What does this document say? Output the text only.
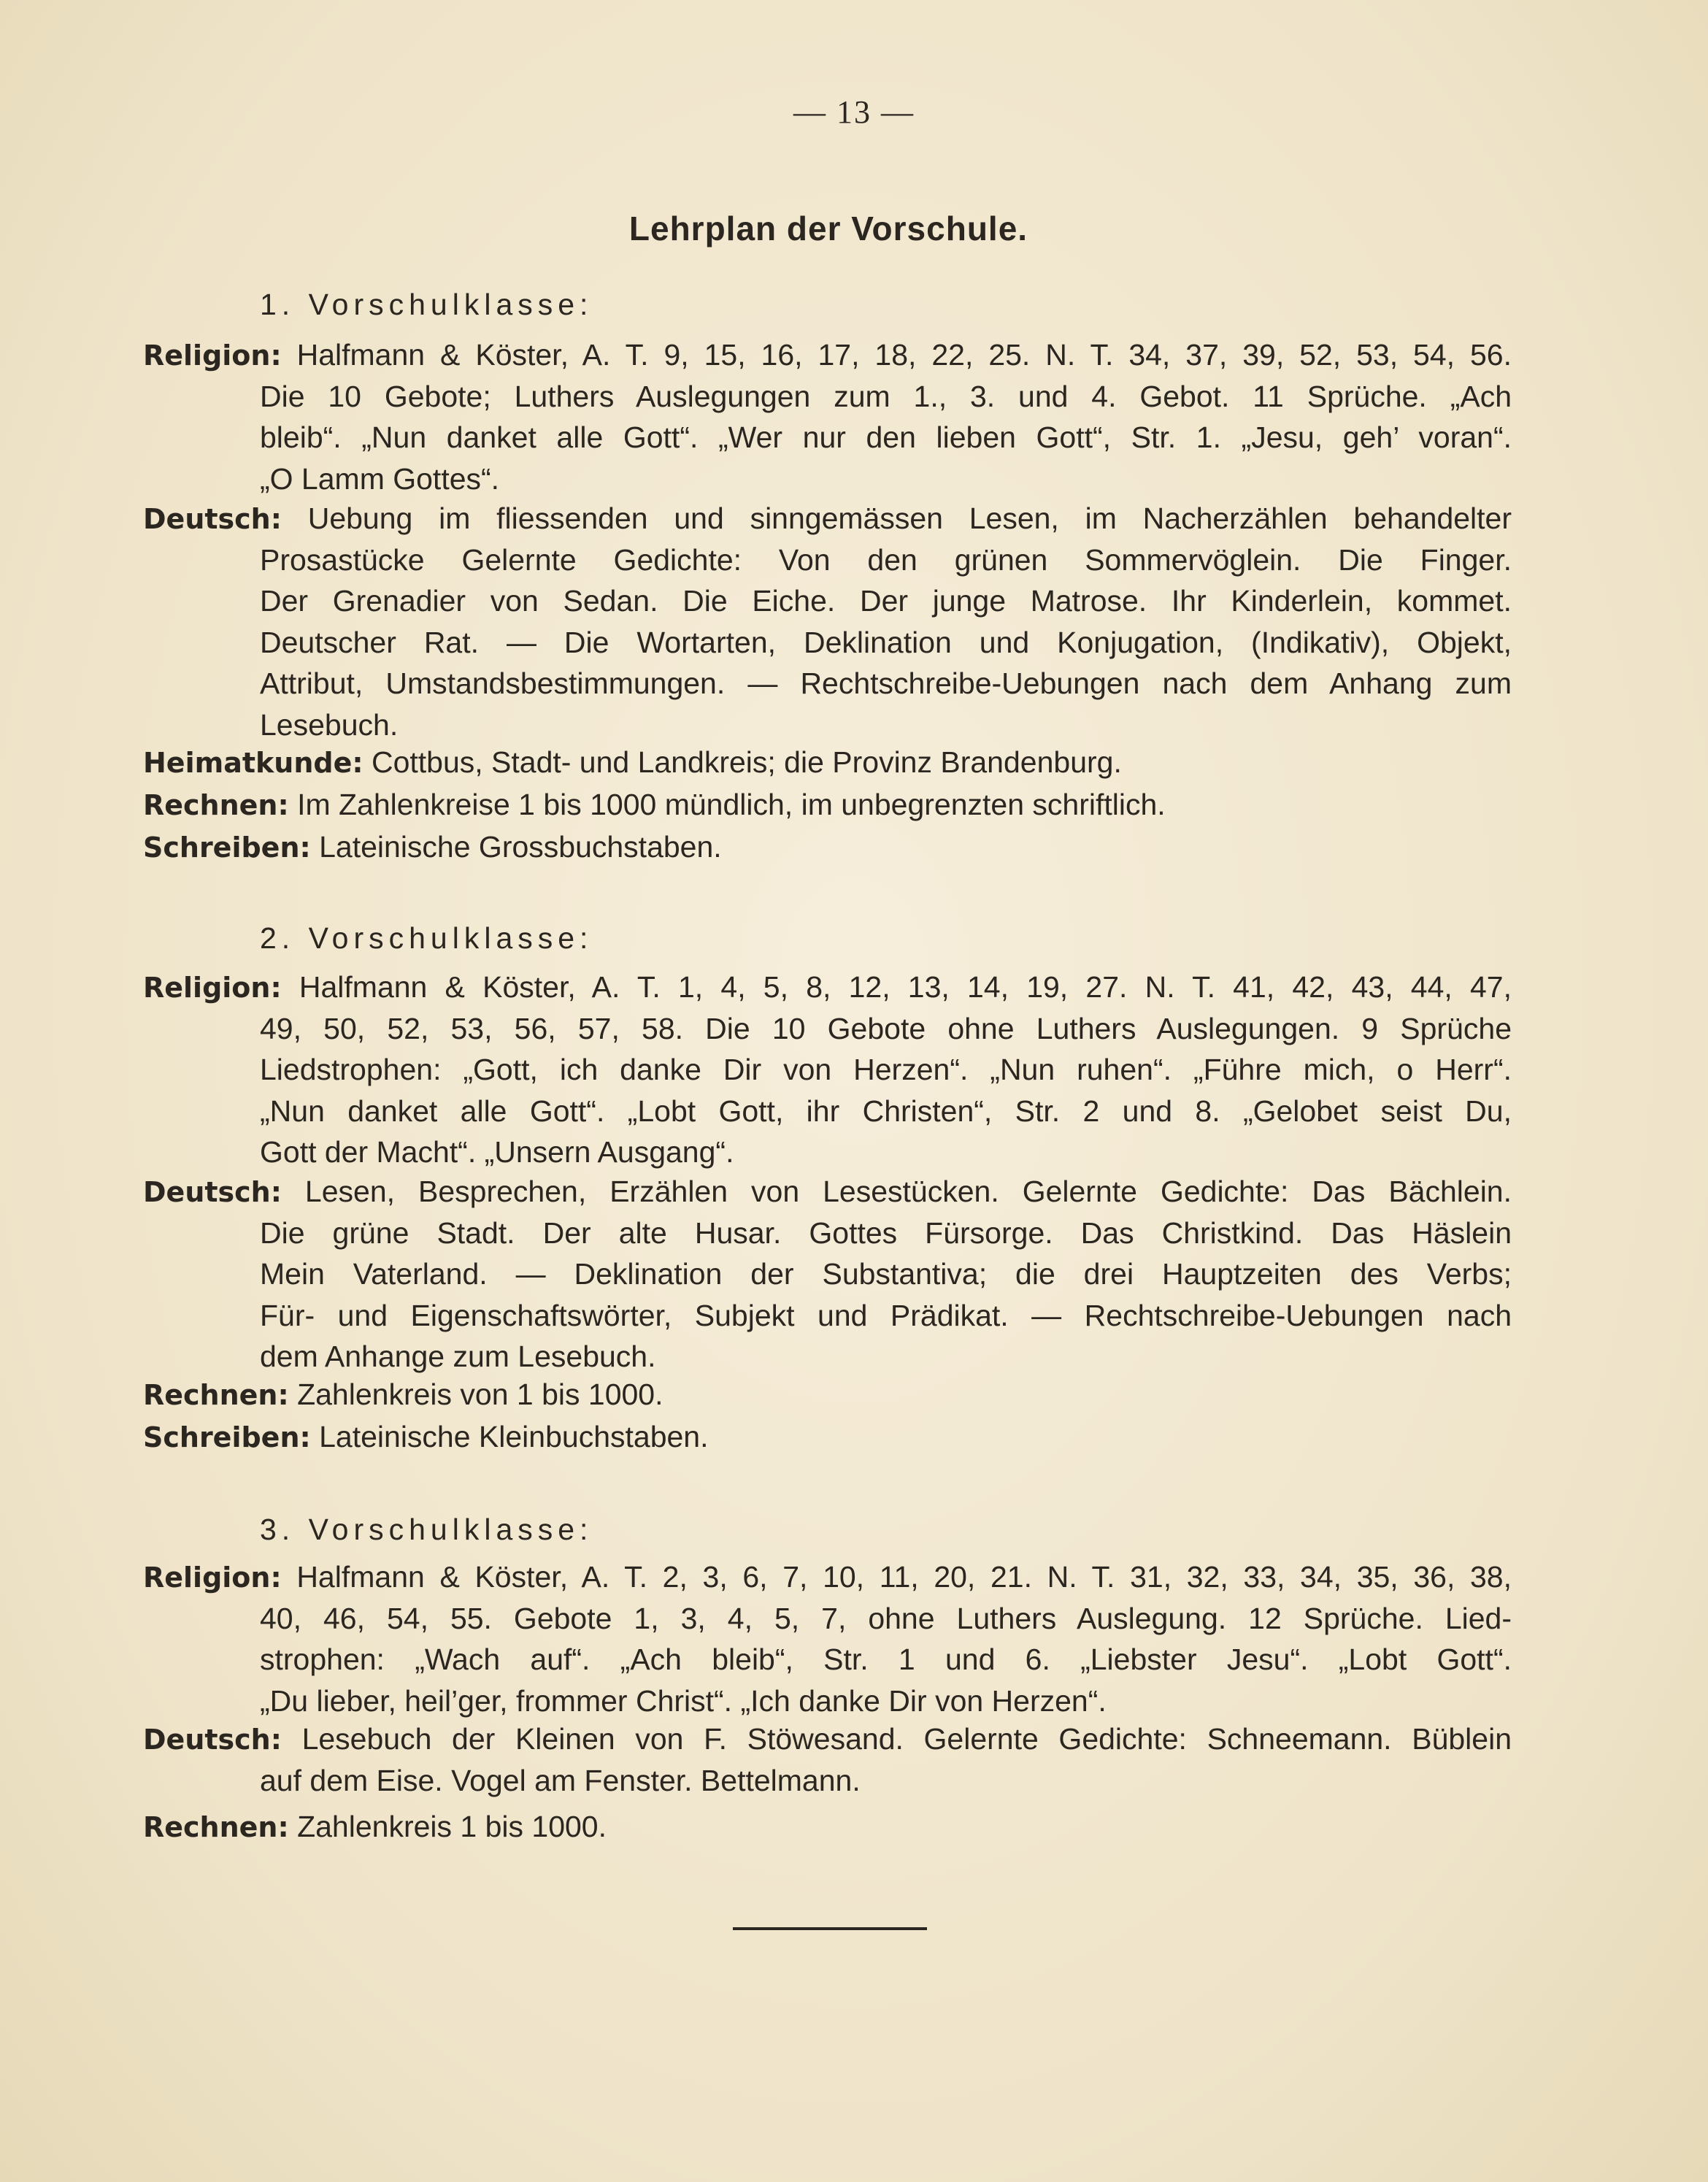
— 13 —
Lehrplan der Vorschule.
1. Vorschulklasse:
Religion: Halfmann & Köster, A. T. 9, 15, 16, 17, 18, 22, 25. N. T. 34, 37, 39, 52, 53, 54, 56.
Die 10 Gebote; Luthers Auslegungen zum 1., 3. und 4. Gebot. 11 Sprüche. „Ach
bleib“. „Nun danket alle Gott“. „Wer nur den lieben Gott“, Str. 1. „Jesu, geh’ voran“.
„O Lamm Gottes“.
Deutsch: Uebung im fliessenden und sinngemässen Lesen, im Nacherzählen behandelter
Prosastücke Gelernte Gedichte: Von den grünen Sommervöglein. Die Finger.
Der Grenadier von Sedan. Die Eiche. Der junge Matrose. Ihr Kinderlein, kommet.
Deutscher Rat. — Die Wortarten, Deklination und Konjugation, (Indikativ), Objekt,
Attribut, Umstandsbestimmungen. — Rechtschreibe-Uebungen nach dem Anhang zum
Lesebuch.
Heimatkunde: Cottbus, Stadt- und Landkreis; die Provinz Brandenburg.
Rechnen: Im Zahlenkreise 1 bis 1000 mündlich, im unbegrenzten schriftlich.
Schreiben: Lateinische Grossbuchstaben.
2. Vorschulklasse:
Religion: Halfmann & Köster, A. T. 1, 4, 5, 8, 12, 13, 14, 19, 27. N. T. 41, 42, 43, 44, 47,
49, 50, 52, 53, 56, 57, 58. Die 10 Gebote ohne Luthers Auslegungen. 9 Sprüche
Liedstrophen: „Gott, ich danke Dir von Herzen“. „Nun ruhen“. „Führe mich, o Herr“.
„Nun danket alle Gott“. „Lobt Gott, ihr Christen“, Str. 2 und 8. „Gelobet seist Du,
Gott der Macht“. „Unsern Ausgang“.
Deutsch: Lesen, Besprechen, Erzählen von Lesestücken. Gelernte Gedichte: Das Bächlein.
Die grüne Stadt. Der alte Husar. Gottes Fürsorge. Das Christkind. Das Häslein
Mein Vaterland. — Deklination der Substantiva; die drei Hauptzeiten des Verbs;
Für- und Eigenschaftswörter, Subjekt und Prädikat. — Rechtschreibe-Uebungen nach
dem Anhange zum Lesebuch.
Rechnen: Zahlenkreis von 1 bis 1000.
Schreiben: Lateinische Kleinbuchstaben.
3. Vorschulklasse:
Religion: Halfmann & Köster, A. T. 2, 3, 6, 7, 10, 11, 20, 21. N. T. 31, 32, 33, 34, 35, 36, 38,
40, 46, 54, 55. Gebote 1, 3, 4, 5, 7, ohne Luthers Auslegung. 12 Sprüche. Lied-
strophen: „Wach auf“. „Ach bleib“, Str. 1 und 6. „Liebster Jesu“. „Lobt Gott“.
„Du lieber, heil’ger, frommer Christ“. „Ich danke Dir von Herzen“.
Deutsch: Lesebuch der Kleinen von F. Stöwesand. Gelernte Gedichte: Schneemann. Büblein
auf dem Eise. Vogel am Fenster. Bettelmann.
Rechnen: Zahlenkreis 1 bis 1000.
